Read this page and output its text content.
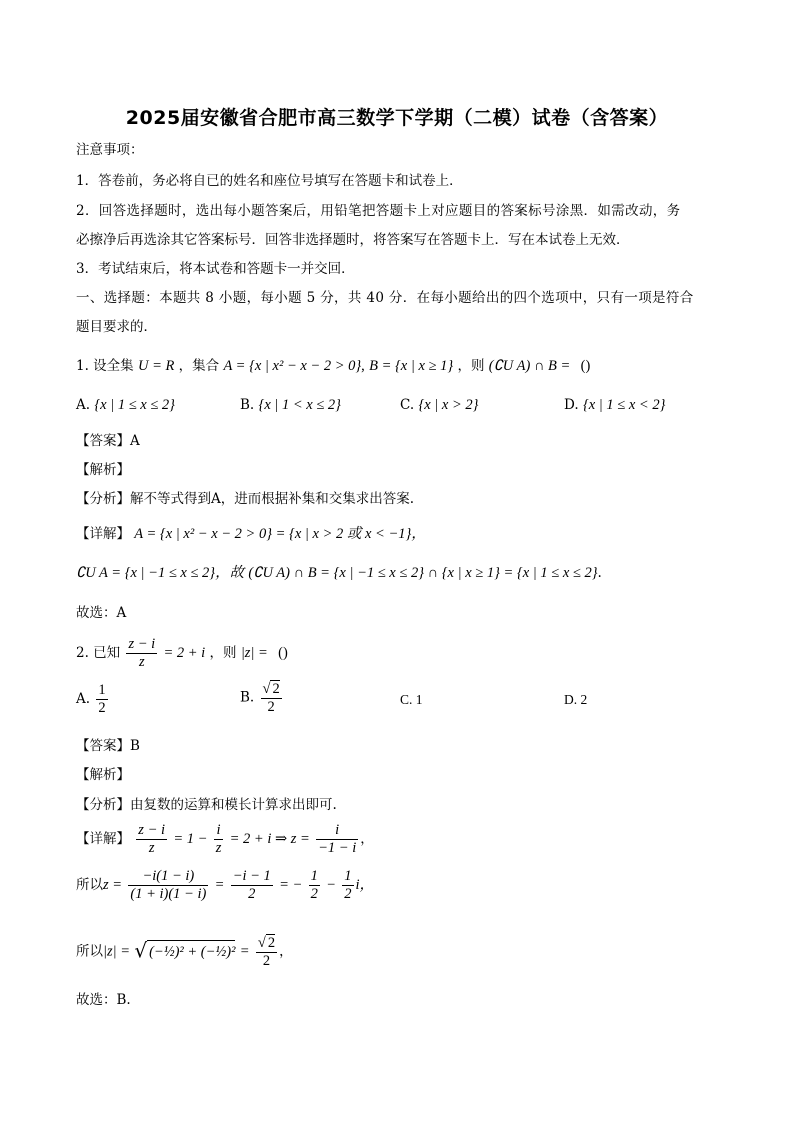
2025届安徽省合肥市高三数学下学期（二模）试卷（含答案）
注意事项：
1．答卷前，务必将自已的姓名和座位号填写在答题卡和试卷上．
2．回答选择题时，选出每小题答案后，用铅笔把答题卡上对应题目的答案标号涂黑．如需改动，务
必擦净后再选涂其它答案标号．回答非选择题时，将答案写在答题卡上．写在本试卷上无效．
3．考试结束后，将本试卷和答题卡一并交回．
一、选择题：本题共 8 小题，每小题 5 分，共 40 分．在每小题给出的四个选项中，只有一项是符合
题目要求的．
1. 设全集 U = R ，集合 A = {x | x² − x − 2 > 0}, B = {x | x ≥ 1} ，则 (∁U A) ∩ B = ()
A. {x | 1 ≤ x ≤ 2}	B. {x | 1 < x ≤ 2}	C. {x | x > 2}	D. {x | 1 ≤ x < 2}
【答案】A
【解析】
【分析】解不等式得到A，进而根据补集和交集求出答案.
【详解】 A = {x | x² − x − 2 > 0} = {x | x > 2 或 x < −1}，
∁U A = {x | −1 ≤ x ≤ 2}，故 (∁U A) ∩ B = {x | −1 ≤ x ≤ 2} ∩ {x | x ≥ 1} = {x | 1 ≤ x ≤ 2}.
故选：A
2. 已知 $\frac{z - i}{z} = 2 + i$ ，则 |z| = ()
A. $\frac{1}{2}$	B. $\frac{√ 2}{2}$	C. 1	D. 2
【答案】B
【解析】
【分析】由复数的运算和模长计算求出即可.
【详解】 $\frac{z - i}{z} = 1 - \frac{i}{z} = 2 + i$ ⇒ $z = \frac{i}{-1 - i}$ ，
所以$z = \frac{-i(1 - i)}{(1 + i)(1 - i)} = \frac{-i - 1}{2}$ = − $\frac{1}{2} - \frac{1}{2}$ i，
所以|z| = √ (−½)² + (−½)² = $\frac{√ 2}{2}$ ，
故选：B.
